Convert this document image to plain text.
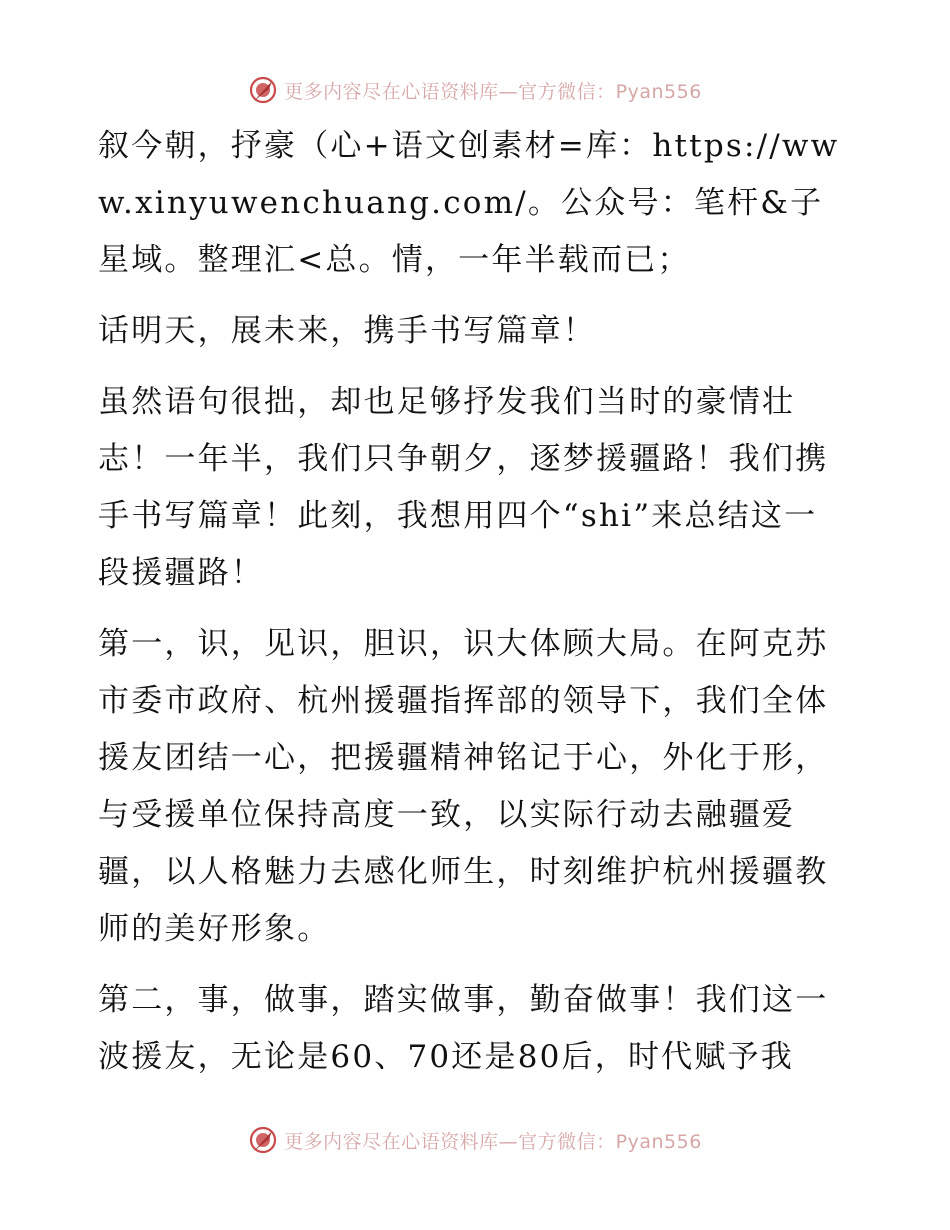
更多内容尽在心语资料库—官方微信：Pyan556

叙今朝，抒豪（心+语文创素材=库：https://www.xinyuwenchuang.com/。公众号：笔杆&子星域。整理汇<总。情，一年半载而已；

话明天，展未来，携手书写篇章！

虽然语句很拙，却也足够抒发我们当时的豪情壮志！一年半，我们只争朝夕，逐梦援疆路！我们携手书写篇章！此刻，我想用四个“shi”来总结这一段援疆路！

第一，识，见识，胆识，识大体顾大局。在阿克苏市委市政府、杭州援疆指挥部的领导下，我们全体援友团结一心，把援疆精神铭记于心，外化于形，与受援单位保持高度一致，以实际行动去融疆爱疆，以人格魅力去感化师生，时刻维护杭州援疆教师的美好形象。

第二，事，做事，踏实做事，勤奋做事！我们这一波援友，无论是60、70还是80后，时代赋予我

更多内容尽在心语资料库—官方微信：Pyan556
